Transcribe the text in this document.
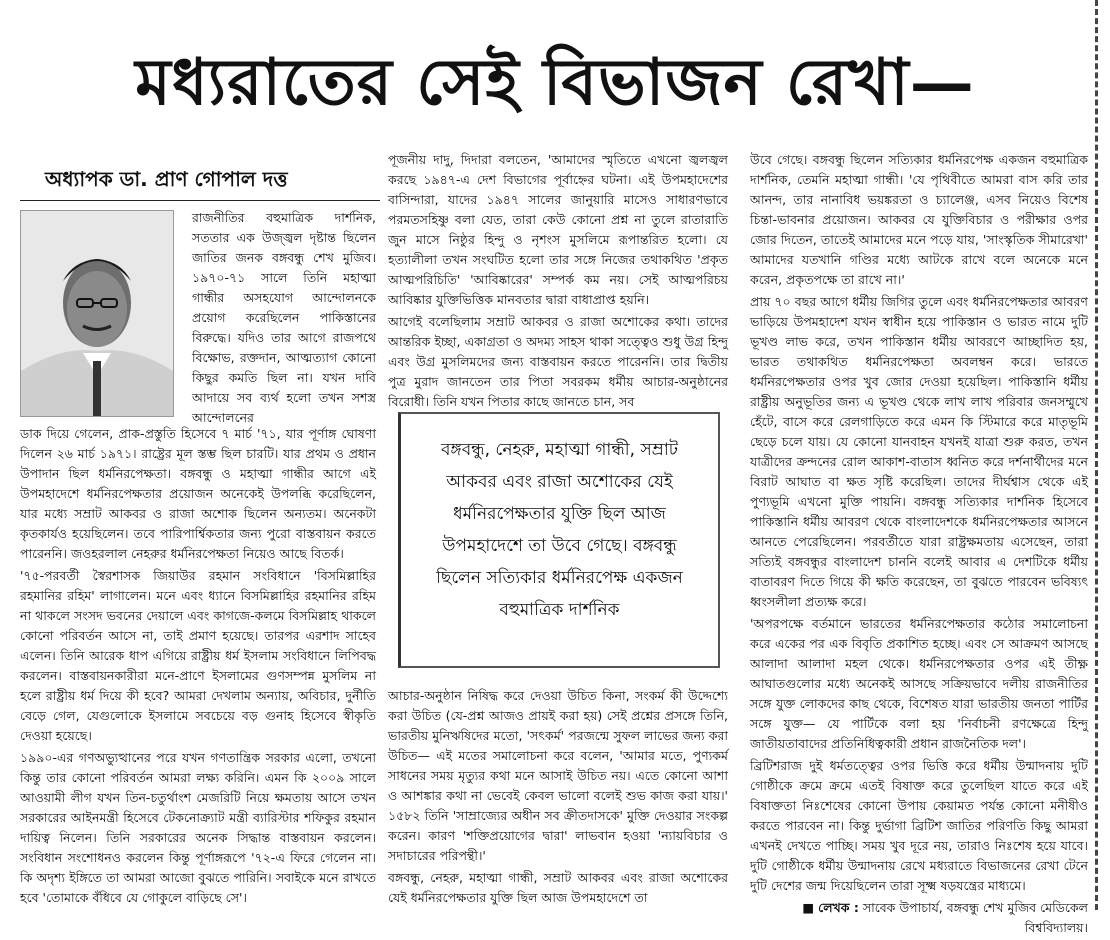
মধ্যরাতের সেই বিভাজন রেখা—
অধ্যাপক ডা. প্রাণ গোপাল দত্ত

রাজনীতির বহুমাত্রিক দার্শনিক, সততার এক উজ্জ্বল দৃষ্টান্ত ছিলেন জাতির জনক বঙ্গবন্ধু শেখ মুজিব। ১৯৭০-৭১ সালে তিনি মহাত্মা গান্ধীর অসহযোগ আন্দোলনকে প্রয়োগ করেছিলেন পাকিস্তানের বিরুদ্ধে। যদিও তার আগে রাজপথে বিক্ষোভ, রক্তদান, আত্মত্যাগ কোনো কিছুর কমতি ছিল না। যখন দাবি আদায়ে সব ব্যর্থ হলো তখন সশস্ত্র আন্দোলনের

ডাক দিয়ে গেলেন, প্রাক-প্রস্তুতি হিসেবে ৭ মার্চ '৭১, যার পূর্ণাঙ্গ ঘোষণা দিলেন ২৬ মার্চ ১৯৭১। রাষ্ট্রের মূল স্তম্ভ ছিল চারটি। যার প্রথম ও প্রধান উপাদান ছিল ধর্মনিরপেক্ষতা। বঙ্গবন্ধু ও মহাত্মা গান্ধীর আগে এই উপমহাদেশে ধর্মনিরপেক্ষতার প্রয়োজন অনেকেই উপলব্ধি করেছিলেন, যার মধ্যে সম্রাট আকবর ও রাজা অশোক ছিলেন অন্যতম। অনেকটা কৃতকার্যও হয়েছিলেন। তবে পারিপার্শ্বিকতার জন্য পুরো বাস্তবায়ন করতে পারেননি। জওহরলাল নেহরুর ধর্মনিরপেক্ষতা নিয়েও আছে বিতর্ক।

'৭৫-পরবর্তী স্বৈরশাসক জিয়াউর রহমান সংবিধানে 'বিসমিল্লাহির রহমানির রহিম' লাগালেন। মনে এবং ধ্যানে বিসমিল্লাহির রহমানির রহিম না থাকলে সংসদ ভবনের দেয়ালে এবং কাগজে-কলমে বিসমিল্লাহ থাকলে কোনো পরিবর্তন আসে না, তাই প্রমাণ হয়েছে। তারপর এরশাদ সাহেব এলেন। তিনি আরেক ধাপ এগিয়ে রাষ্ট্রীয় ধর্ম ইসলাম সংবিধানে লিপিবদ্ধ করলেন। বাস্তবায়নকারীরা মনে-প্রাণে ইসলামের গুণসম্পন্ন মুসলিম না হলে রাষ্ট্রীয় ধর্ম দিয়ে কী হবে? আমরা দেখলাম অন্যায়, অবিচার, দুর্নীতি বেড়ে গেল, যেগুলোকে ইসলামে সবচেয়ে বড় গুনাহ হিসেবে স্বীকৃতি দেওয়া হয়েছে।

১৯৯০-এর গণঅভ্যুত্থানের পরে যখন গণতান্ত্রিক সরকার এলো, তখনো কিন্তু তার কোনো পরিবর্তন আমরা লক্ষ্য করিনি। এমন কি ২০০৯ সালে আওয়ামী লীগ যখন তিন-চতুর্থাংশ মেজরিটি নিয়ে ক্ষমতায় আসে তখন সরকারের আইনমন্ত্রী হিসেবে টেকনোক্র্যাট মন্ত্রী ব্যারিস্টার শফিকুর রহমান দায়িত্ব নিলেন। তিনি সরকারের অনেক সিদ্ধান্ত বাস্তবায়ন করলেন। সংবিধান সংশোধনও করলেন কিন্তু পূর্ণাঙ্গরূপে '৭২-এ ফিরে গেলেন না। কি অদৃশ্য ইঙ্গিতে তা আমরা আজো বুঝতে পারিনি। সবাইকে মনে রাখতে হবে 'তোমাকে বঁধিবে যে গোকুলে বাড়িছে সে'।

পূজনীয় দাদু, দিদারা বলতেন, 'আমাদের স্মৃতিতে এখনো জ্বলজ্বল করছে ১৯৪৭-এ দেশ বিভাগের পূর্বাহ্নের ঘটনা। এই উপমহাদেশের বাসিন্দারা, যাদের ১৯৪৭ সালের জানুয়ারি মাসেও সাধারণভাবে পরমতসহিষ্ণু বলা যেত, তারা কেউ কোনো প্রশ্ন না তুলে রাতারাতি জুন মাসে নিষ্ঠুর হিন্দু ও নৃশংস মুসলিমে রূপান্তরিত হলো। যে হত্যালীলা তখন সংঘটিত হলো তার সঙ্গে নিজের তথাকথিত 'প্রকৃত আত্মপরিচিতি' 'আবিষ্কারের' সম্পর্ক কম নয়। সেই আত্মপরিচয় আবিষ্কার যুক্তিভিত্তিক মানবতার দ্বারা বাধাপ্রাপ্ত হয়নি।

আগেই বলেছিলাম সম্রাট আকবর ও রাজা অশোকের কথা। তাদের আন্তরিক ইচ্ছা, একাগ্রতা ও অদম্য সাহস থাকা সত্ত্বেও শুধু উগ্র হিন্দু এবং উগ্র মুসলিমদের জন্য বাস্তবায়ন করতে পারেননি। তার দ্বিতীয় পুত্র মুরাদ জানতেন তার পিতা সবরকম ধর্মীয় আচার-অনুষ্ঠানের বিরোধী। তিনি যখন পিতার কাছে জানতে চান, সব

বঙ্গবন্ধু, নেহরু, মহাত্মা গান্ধী, সম্রাট আকবর এবং রাজা অশোকের যেই ধর্মনিরপেক্ষতার যুক্তি ছিল আজ উপমহাদেশে তা উবে গেছে। বঙ্গবন্ধু ছিলেন সত্যিকার ধর্মনিরপেক্ষ একজন বহুমাত্রিক দার্শনিক

আচার-অনুষ্ঠান নিষিদ্ধ করে দেওয়া উচিত কিনা, সংকর্ম কী উদ্দেশ্যে করা উচিত (যে-প্রশ্ন আজও প্রায়ই করা হয়) সেই প্রশ্নের প্রসঙ্গে তিনি, ভারতীয় মুনিঋষিদের মতো, 'সৎকর্ম' পরজন্মে সুফল লাভের জন্য করা উচিত— এই মতের সমালোচনা করে বলেন, 'আমার মতে, পুণ্যকর্ম সাধনের সময় মৃত্যুর কথা মনে আসাই উচিত নয়। এতে কোনো আশা ও আশঙ্কার কথা না ভেবেই কেবল ভালো বলেই শুভ কাজ করা যায়।' ১৫৮২ তিনি 'সাম্রাজ্যের অধীন সব ক্রীতদাসকে' মুক্তি দেওয়ার সংকল্প করেন। কারণ 'শক্তিপ্রয়োগের দ্বারা' লাভবান হওয়া 'ন্যায়বিচার ও সদাচারের পরিপন্থী।'

বঙ্গবন্ধু, নেহরু, মহাত্মা গান্ধী, সম্রাট আকবর এবং রাজা অশোকের যেই ধর্মনিরপেক্ষতার যুক্তি ছিল আজ উপমহাদেশে তা

উবে গেছে। বঙ্গবন্ধু ছিলেন সত্যিকার ধর্মনিরপেক্ষ একজন বহুমাত্রিক দার্শনিক, তেমনি মহাত্মা গান্ধী। 'যে পৃথিবীতে আমরা বাস করি তার আনন্দ, তার নানাবিধ ভয়ঙ্করতা ও চ্যালেঞ্জ, এসব নিয়েও বিশেষ চিন্তা-ভাবনার প্রয়োজন। আকবর যে যুক্তিবিচার ও পরীক্ষার ওপর জোর দিতেন, তাতেই আমাদের মনে পড়ে যায়, 'সাংস্কৃতিক সীমারেখা' আমাদের যতখানি গণ্ডির মধ্যে আটকে রাখে বলে অনেকে মনে করেন, প্রকৃতপক্ষে তা রাখে না।'

প্রায় ৭০ বছর আগে ধর্মীয় জিগির তুলে এবং ধর্মনিরপেক্ষতার আবরণ ভাড়িয়ে উপমহাদেশ যখন স্বাধীন হয়ে পাকিস্তান ও ভারত নামে দুটি ভূখণ্ড লাভ করে, তখন পাকিস্তান ধর্মীয় আবরণে আচ্ছাদিত হয়, ভারত তথাকথিত ধর্মনিরপেক্ষতা অবলম্বন করে। ভারতে ধর্মনিরপেক্ষতার ওপর খুব জোর দেওয়া হয়েছিল। পাকিস্তানি ধর্মীয় রাষ্ট্রীয় অনুভূতির জন্য এ ভূখণ্ড থেকে লাখ লাখ পরিবার জনসম্মুখে হেঁটে, বাসে করে রেলগাড়িতে করে এমন কি স্টিমারে করে মাতৃভূমি ছেড়ে চলে যায়। যে কোনো যানবাহন যখনই যাত্রা শুরু করত, তখন যাত্রীদের ক্রন্দনের রোল আকাশ-বাতাস ধ্বনিত করে দর্শনার্থীদের মনে বিরাট আঘাত বা ক্ষত সৃষ্টি করেছিল। তাদের দীর্ঘশ্বাস থেকে এই পুণ্যভূমি এখনো মুক্তি পায়নি। বঙ্গবন্ধু সত্যিকার দার্শনিক হিসেবে পাকিস্তানি ধর্মীয় আবরণ থেকে বাংলাদেশকে ধর্মনিরপেক্ষতার আসনে আনতে পেরেছিলেন। পরবর্তীতে যারা রাষ্ট্রক্ষমতায় এসেছেন, তারা সত্যিই বঙ্গবন্ধুর বাংলাদেশ চাননি বলেই আবার এ দেশটিকে ধর্মীয় বাতাবরণ দিতে গিয়ে কী ক্ষতি করেছেন, তা বুঝতে পারবেন ভবিষ্যৎ ধ্বংসলীলা প্রত্যক্ষ করে।

'অপরপক্ষে বর্তমানে ভারতের ধর্মনিরপেক্ষতার কঠোর সমালোচনা করে একের পর এক বিবৃতি প্রকাশিত হচ্ছে। এবং সে আক্রমণ আসছে আলাদা আলাদা মহল থেকে। ধর্মনিরপেক্ষতার ওপর এই তীক্ষ্ণ আঘাতগুলোর মধ্যে অনেকই আসছে সক্রিয়ভাবে দলীয় রাজনীতির সঙ্গে যুক্ত লোকদের কাছ থেকে, বিশেষত যারা ভারতীয় জনতা পার্টির সঙ্গে যুক্ত— যে পার্টিকে বলা হয় 'নির্বাচনী রণক্ষেত্রে হিন্দু জাতীয়তাবাদের প্রতিনিধিত্বকারী প্রধান রাজনৈতিক দল'।

ব্রিটিশরাজ দুই ধর্মতত্ত্বের ওপর ভিত্তি করে ধর্মীয় উন্মাদনায় দুটি গোষ্ঠীকে ক্রমে ক্রমে এতই বিষাক্ত করে তুলেছিল যাতে করে এই বিষাক্ততা নিঃশেষের কোনো উপায় কেয়ামত পর্যন্ত কোনো মনীষীও করতে পারবেন না। কিন্তু দুর্ভাগা ব্রিটিশ জাতির পরিণতি কিছু আমরা এখনই দেখতে পাচ্ছি। সময় খুব দূরে নয়, তারাও নিঃশেষ হয়ে যাবে। দুটি গোষ্ঠীকে ধর্মীয় উন্মাদনায় রেখে মধ্যরাতে বিভাজনের রেখা টেনে দুটি দেশের জন্ম দিয়েছিলেন তারা সূক্ষ্ম ষড়যন্ত্রের মাধ্যমে।

■ লেখক : সাবেক উপাচার্য, বঙ্গবন্ধু শেখ মুজিব মেডিকেল বিশ্ববিদ্যালয়।
